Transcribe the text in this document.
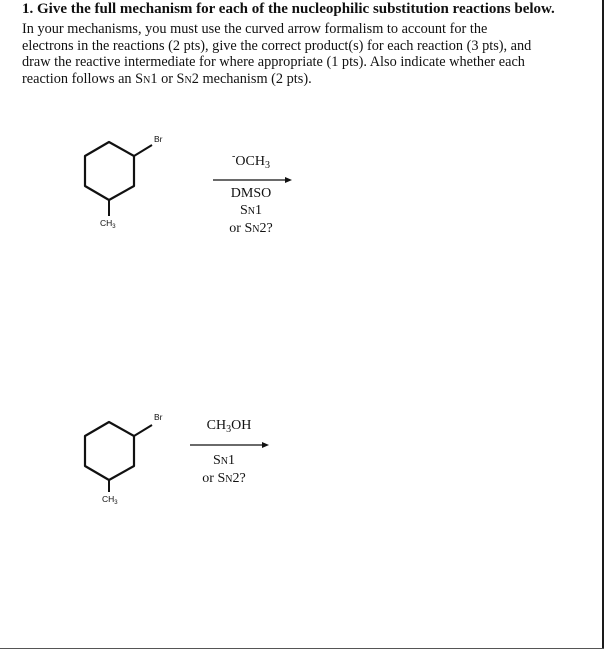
1. Give the full mechanism for each of the nucleophilic substitution reactions below.
In your mechanisms, you must use the curved arrow formalism to account for the
electrons in the reactions (2 pts), give the correct product(s) for each reaction (3 pts), and
draw the reactive intermediate for where appropriate (1 pts). Also indicate whether each
reaction follows an SN1 or SN2 mechanism (2 pts).
Br
$CH_3$
$^-OCH_3$
DMSO
SN1
or SN2?
Br
$CH_3$
$CH_3OH$
SN1
or SN2?
